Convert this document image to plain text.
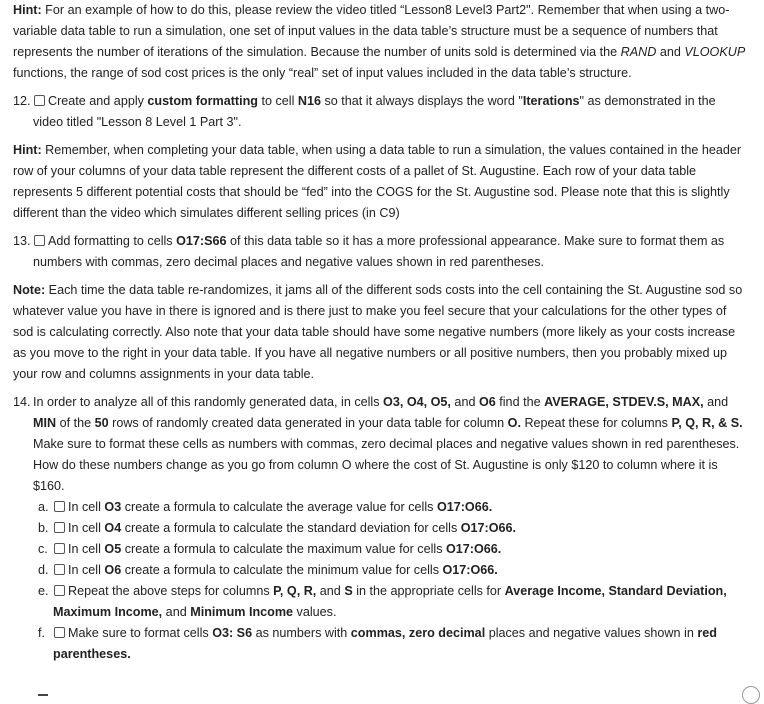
Hint: For an example of how to do this, please review the video titled “Lesson8 Level3 Part2". Remember that when using a two-variable data table to run a simulation, one set of input values in the data table’s structure must be a sequence of numbers that represents the number of iterations of the simulation. Because the number of units sold is determined via the RAND and VLOOKUP functions, the range of sod cost prices is the only “real” set of input values included in the data table’s structure.

12. Create and apply custom formatting to cell N16 so that it always displays the word "Iterations" as demonstrated in the video titled "Lesson 8 Level 1 Part 3".

Hint: Remember, when completing your data table, when using a data table to run a simulation, the values contained in the header row of your columns of your data table represent the different costs of a pallet of St. Augustine. Each row of your data table represents 5 different potential costs that should be “fed” into the COGS for the St. Augustine sod. Please note that this is slightly different than the video which simulates different selling prices (in C9)

13. Add formatting to cells O17:S66 of this data table so it has a more professional appearance. Make sure to format them as numbers with commas, zero decimal places and negative values shown in red parentheses.

Note: Each time the data table re-randomizes, it jams all of the different sods costs into the cell containing the St. Augustine sod so whatever value you have in there is ignored and is there just to make you feel secure that your calculations for the other types of sod is calculating correctly. Also note that your data table should have some negative numbers (more likely as your costs increase as you move to the right in your data table. If you have all negative numbers or all positive numbers, then you probably mixed up your row and columns assignments in your data table.

14. In order to analyze all of this randomly generated data, in cells O3, O4, O5, and O6 find the AVERAGE, STDEV.S, MAX, and MIN of the 50 rows of randomly created data generated in your data table for column O. Repeat these for columns P, Q, R, & S. Make sure to format these cells as numbers with commas, zero decimal places and negative values shown in red parentheses. How do these numbers change as you go from column O where the cost of St. Augustine is only $120 to column where it is $160.
a. In cell O3 create a formula to calculate the average value for cells O17:O66.
b. In cell O4 create a formula to calculate the standard deviation for cells O17:O66.
c. In cell O5 create a formula to calculate the maximum value for cells O17:O66.
d. In cell O6 create a formula to calculate the minimum value for cells O17:O66.
e. Repeat the above steps for columns P, Q, R, and S in the appropriate cells for Average Income, Standard Deviation, Maximum Income, and Minimum Income values.
f. Make sure to format cells O3: S6 as numbers with commas, zero decimal places and negative values shown in red parentheses.
